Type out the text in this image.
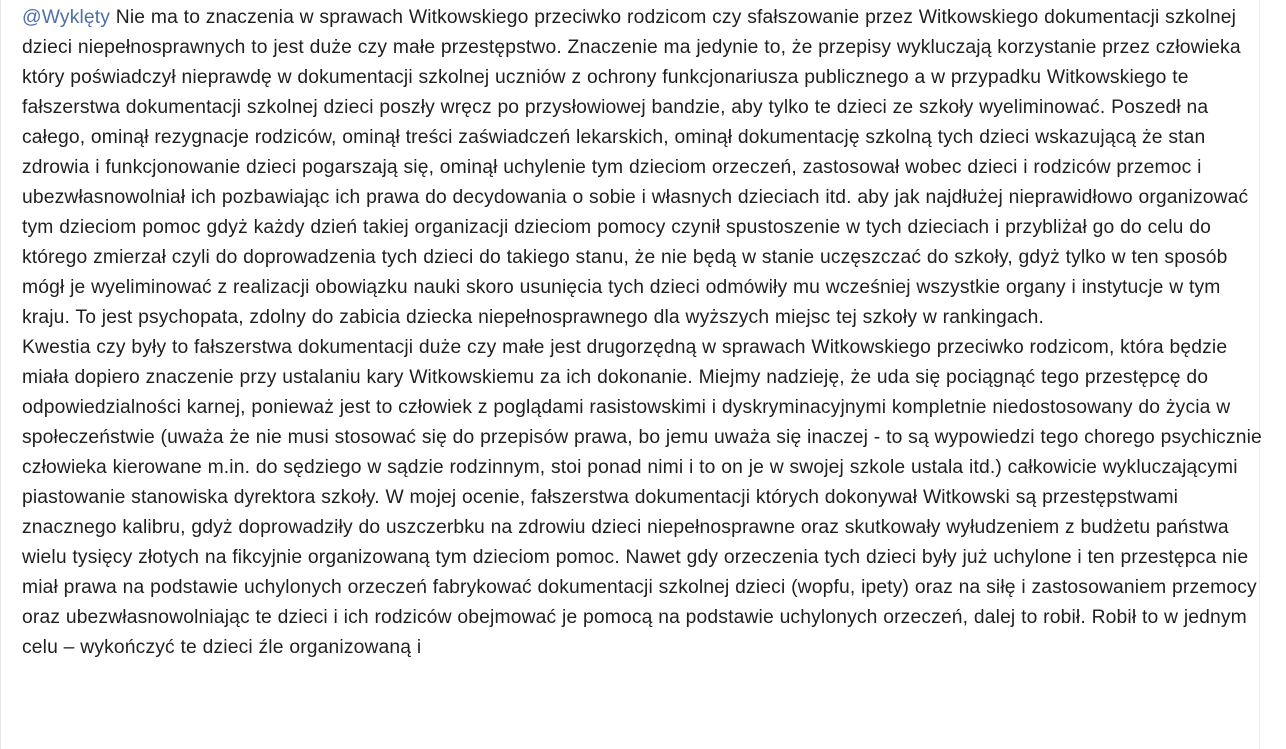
@Wyklęty Nie ma to znaczenia w sprawach Witkowskiego przeciwko rodzicom czy sfałszowanie przez Witkowskiego dokumentacji szkolnej dzieci niepełnosprawnych to jest duże czy małe przestępstwo. Znaczenie ma jedynie to, że przepisy wykluczają korzystanie przez człowieka który poświadczył nieprawdę w dokumentacji szkolnej uczniów z ochrony funkcjonariusza publicznego a w przypadku Witkowskiego te fałszerstwa dokumentacji szkolnej dzieci poszły wręcz po przysłowiowej bandzie, aby tylko te dzieci ze szkoły wyeliminować. Poszedł na całego, ominął rezygnacje rodziców, ominął treści zaświadczeń lekarskich, ominął dokumentację szkolną tych dzieci wskazującą że stan zdrowia i funkcjonowanie dzieci pogarszają się, ominął uchylenie tym dzieciom orzeczeń, zastosował wobec dzieci i rodziców przemoc i ubezwłasnowolniał ich pozbawiając ich prawa do decydowania o sobie i własnych dzieciach itd. aby jak najdłużej nieprawidłowo organizować tym dzieciom pomoc gdyż każdy dzień takiej organizacji dzieciom pomocy czynił spustoszenie w tych dzieciach i przybliżał go do celu do którego zmierzał czyli do doprowadzenia tych dzieci do takiego stanu, że nie będą w stanie uczęszczać do szkoły, gdyż tylko w ten sposób mógł je wyeliminować z realizacji obowiązku nauki skoro usunięcia tych dzieci odmówiły mu wcześniej wszystkie organy i instytucje w tym kraju. To jest psychopata, zdolny do zabicia dziecka niepełnosprawnego dla wyższych miejsc tej szkoły w rankingach.

Kwestia czy były to fałszerstwa dokumentacji duże czy małe jest drugorzędną w sprawach Witkowskiego przeciwko rodzicom, która będzie miała dopiero znaczenie przy ustalaniu kary Witkowskiemu za ich dokonanie. Miejmy nadzieję, że uda się pociągnąć tego przestępcę do odpowiedzialności karnej, ponieważ jest to człowiek z poglądami rasistowskimi i dyskryminacyjnymi kompletnie niedostosowany do życia w społeczeństwie (uważa że nie musi stosować się do przepisów prawa, bo jemu uważa się inaczej - to są wypowiedzi tego chorego psychicznie człowieka kierowane m.in. do sędziego w sądzie rodzinnym, stoi ponad nimi i to on je w swojej szkole ustala itd.) całkowicie wykluczającymi piastowanie stanowiska dyrektora szkoły. W mojej ocenie, fałszerstwa dokumentacji których dokonywał Witkowski są przestępstwami znacznego kalibru, gdyż doprowadziły do uszczerbku na zdrowiu dzieci niepełnosprawne oraz skutkowały wyłudzeniem z budżetu państwa wielu tysięcy złotych na fikcyjnie organizowaną tym dzieciom pomoc. Nawet gdy orzeczenia tych dzieci były już uchylone i ten przestępca nie miał prawa na podstawie uchylonych orzeczeń fabrykować dokumentacji szkolnej dzieci (wopfu, ipety) oraz na siłę i zastosowaniem przemocy oraz ubezwłasnowolniając te dzieci i ich rodziców obejmować je pomocą na podstawie uchylonych orzeczeń, dalej to robił. Robił to w jednym celu – wykończyć te dzieci źle organizowaną i
